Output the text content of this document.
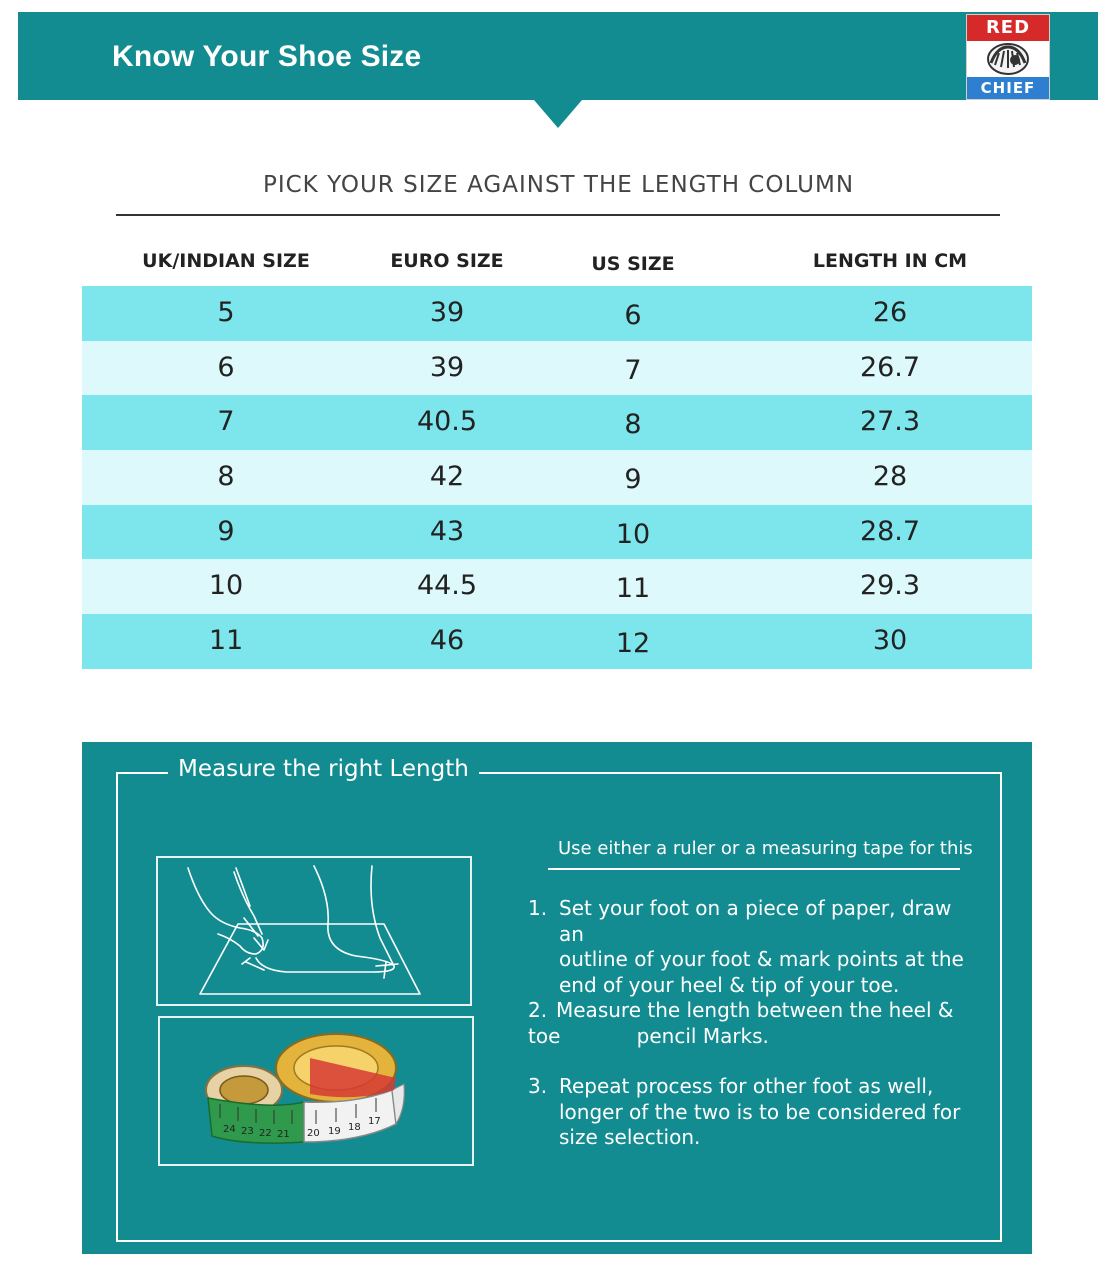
Know Your Shoe Size
RED
CHIEF
PICK YOUR SIZE AGAINST THE LENGTH COLUMN
UK/INDIAN SIZE	EURO SIZE	US SIZE	LENGTH IN CM
5	39	6	26
6	39	7	26.7
7	40.5	8	27.3
8	42	9	28
9	43	10	28.7
10	44.5	11	29.3
11	46	12	30
Measure the right Length
24 23 22 21 20 19 18
17
Use either a ruler or a measuring tape for this
1. Set your foot on a piece of paper, draw an
outline of your foot & mark points at the
end of your heel & tip of your toe.
2. Measure the length between the heel &
toe            pencil Marks.
3. Repeat process for other foot as well,
longer of the two is to be considered for
size selection.
